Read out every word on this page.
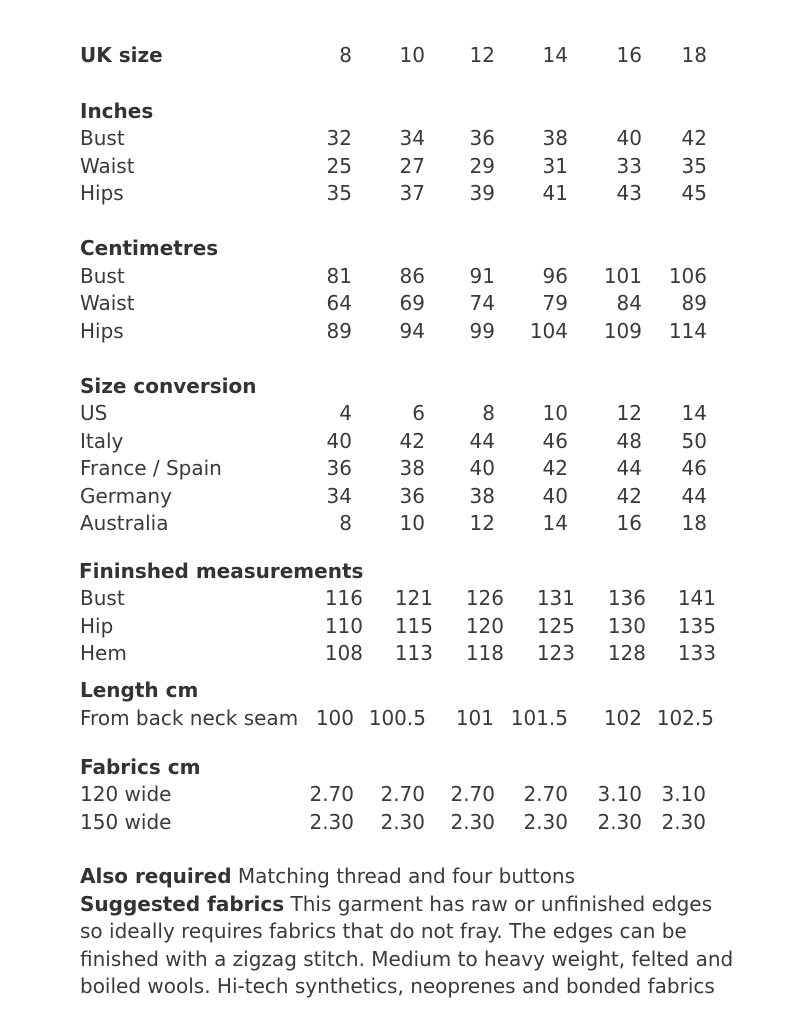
UK size	8	10	12	14	16	18
Inches
Bust	32	34	36	38	40	42
Waist	25	27	29	31	33	35
Hips	35	37	39	41	43	45
Centimetres
Bust	81	86	91	96 101 106
Waist	64	69	74	79	84	89
Hips	89	94	99 104 109 114
Size conversion
US	4	6	8	10	12	14
Italy	40	42	44	46	48	50
France / Spain	36	38	40	42	44	46
Germany	34	36	38	40	42	44
Australia	8	10	12	14	16	18
Fininshed measurements
Bust	116	121	126	131	136	141
Hip	110	115	120	125	130	135
Hem	108	113	118	123	128	133
Length cm
From back neck seam 100 100.5	101 101.5	102 102.5
Fabrics cm
120 wide	2.70	2.70	2.70	2.70	3.10 3.10
150 wide	2.30	2.30	2.30	2.30	2.30 2.30
Also required Matching thread and four buttons
Suggested fabrics This garment has raw or unfinished edges
so ideally requires fabrics that do not fray. The edges can be
finished with a zigzag stitch. Medium to heavy weight, felted and
boiled wools. Hi-tech synthetics, neoprenes and bonded fabrics
